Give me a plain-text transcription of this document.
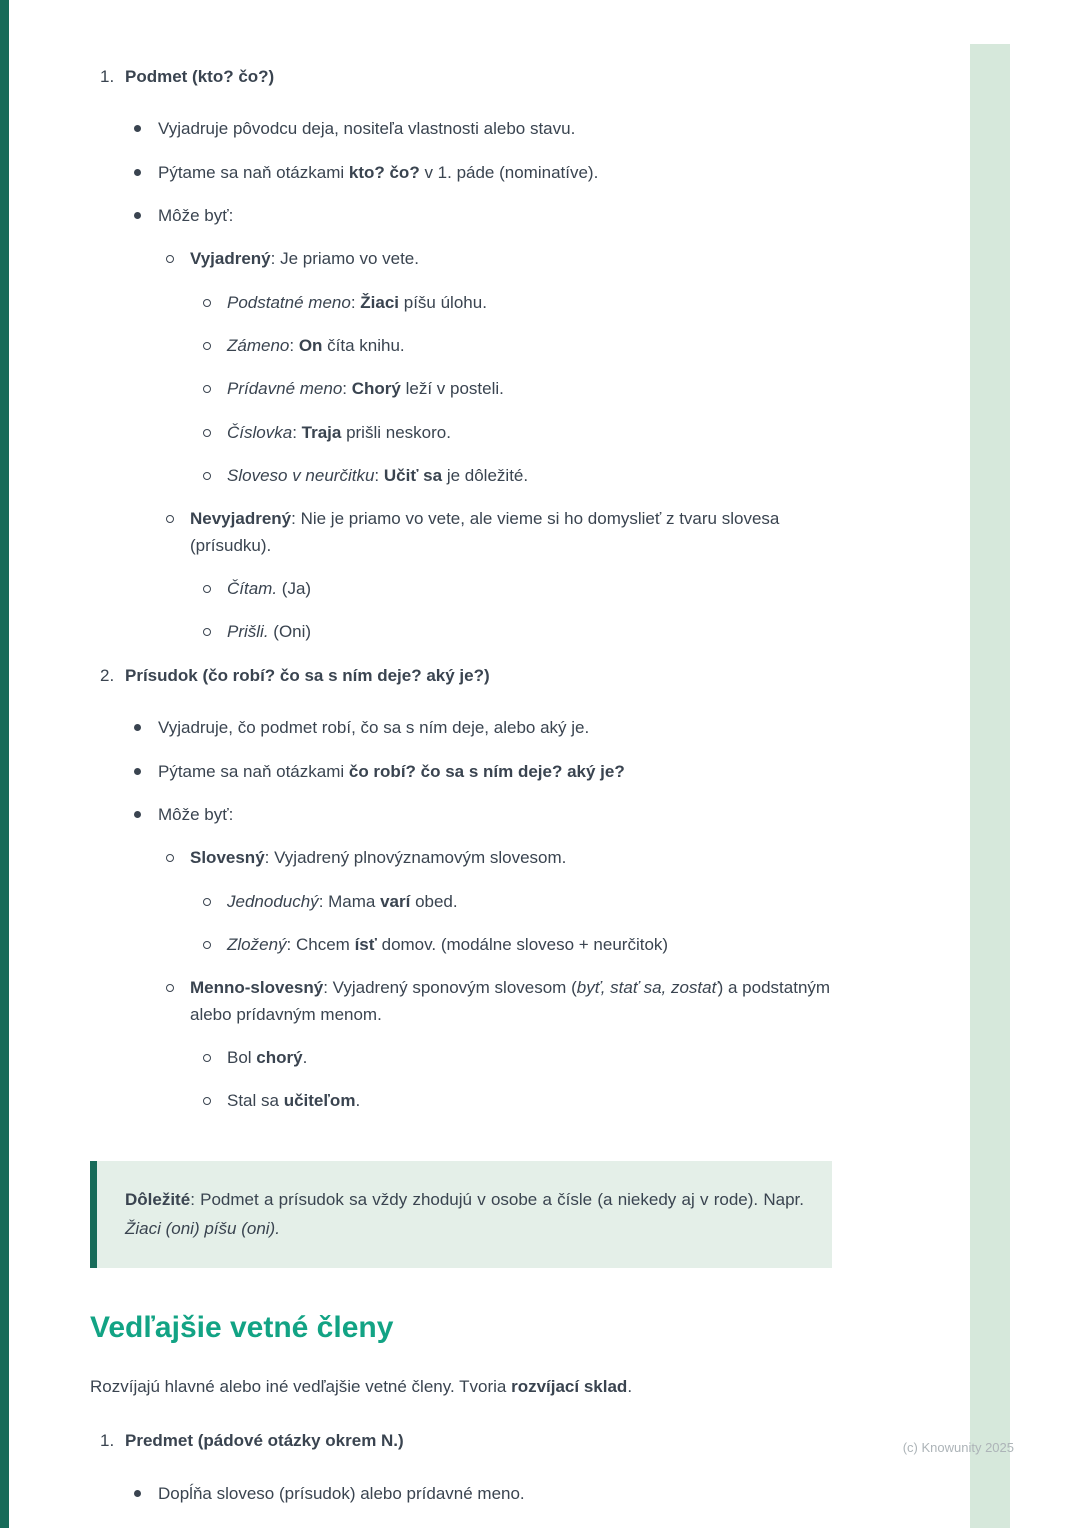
1. Podmet (kto? čo?)
Vyjadruje pôvodcu deja, nositeľa vlastnosti alebo stavu.
Pýtame sa naň otázkami kto? čo? v 1. páde (nominatíve).
Môže byť:
Vyjadrený: Je priamo vo vete.
Podstatné meno: Žiaci píšu úlohu.
Zámeno: On číta knihu.
Prídavné meno: Chorý leží v posteli.
Číslovka: Traja prišli neskoro.
Sloveso v neurčitku: Učiť sa je dôležité.
Nevyjadrený: Nie je priamo vo vete, ale vieme si ho domyslieť z tvaru slovesa (prísudku).
Čítam. (Ja)
Prišli. (Oni)
2. Prísudok (čo robí? čo sa s ním deje? aký je?)
Vyjadruje, čo podmet robí, čo sa s ním deje, alebo aký je.
Pýtame sa naň otázkami čo robí? čo sa s ním deje? aký je?
Môže byť:
Slovesný: Vyjadrený plnovýznamovým slovesom.
Jednoduchý: Mama varí obed.
Zložený: Chcem ísť domov. (modálne sloveso + neurčitok)
Menno-slovesný: Vyjadrený sponovým slovesom (byť, stať sa, zostať) a podstatným alebo prídavným menom.
Bol chorý.
Stal sa učiteľom.
Dôležité: Podmet a prísudok sa vždy zhodujú v osobe a čísle (a niekedy aj v rode). Napr. Žiaci (oni) píšu (oni).
Vedľajšie vetné členy

Rozvíjajú hlavné alebo iné vedľajšie vetné členy. Tvoria rozvíjací sklad.

1. Predmet (pádové otázky okrem N.)
Dopĺňa sloveso (prísudok) alebo prídavné meno.
(c) Knowunity 2025
